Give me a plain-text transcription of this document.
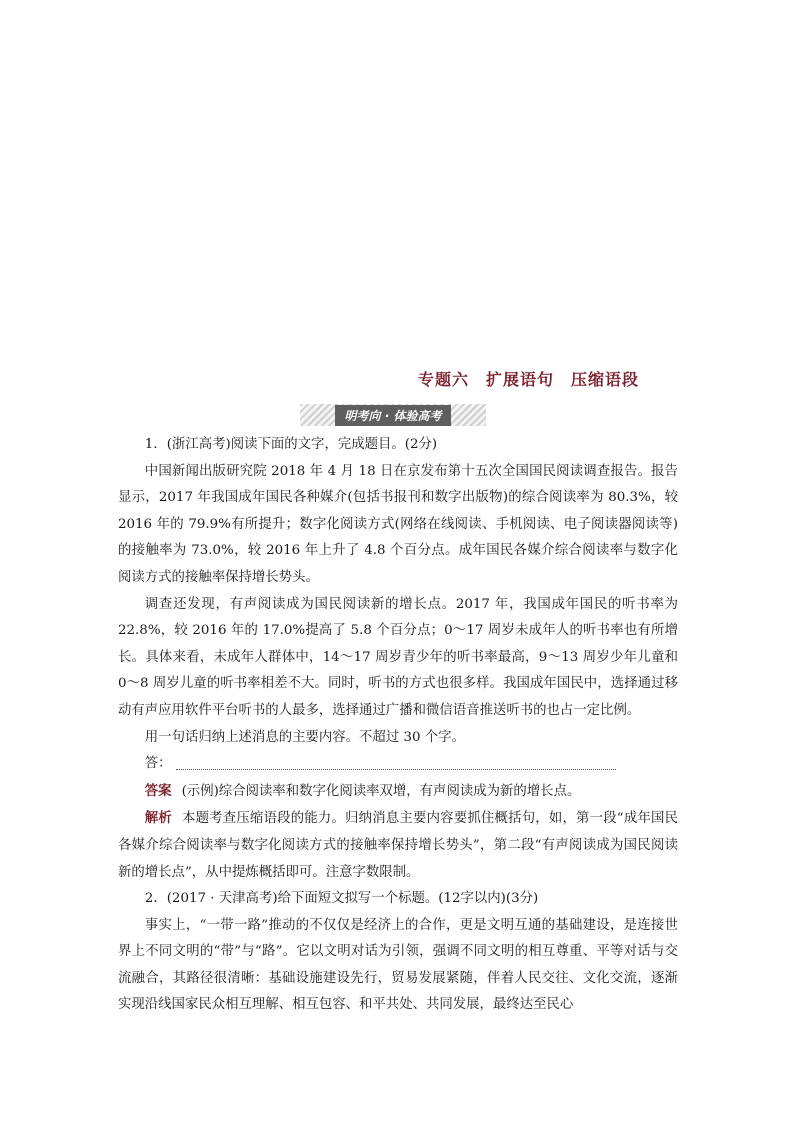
专题六　扩展语句　压缩语段
明考向 · 体验高考

1．(浙江高考)阅读下面的文字，完成题目。(2分)

中国新闻出版研究院 2018 年 4 月 18 日在京发布第十五次全国国民阅读调查报告。报告显示，2017 年我国成年国民各种媒介(包括书报刊和数字出版物)的综合阅读率为 80.3%，较 2016 年的 79.9%有所提升；数字化阅读方式(网络在线阅读、手机阅读、电子阅读器阅读等)的接触率为 73.0%，较 2016 年上升了 4.8 个百分点。成年国民各媒介综合阅读率与数字化阅读方式的接触率保持增长势头。

调查还发现，有声阅读成为国民阅读新的增长点。2017 年，我国成年国民的听书率为 22.8%，较 2016 年的 17.0%提高了 5.8 个百分点；0～17 周岁未成年人的听书率也有所增长。具体来看，未成年人群体中，14～17 周岁青少年的听书率最高，9～13 周岁少年儿童和 0～8 周岁儿童的听书率相差不大。同时，听书的方式也很多样。我国成年国民中，选择通过移动有声应用软件平台听书的人最多，选择通过广播和微信语音推送听书的也占一定比例。

用一句话归纳上述消息的主要内容。不超过 30 个字。

答：

答案 (示例)综合阅读率和数字化阅读率双增，有声阅读成为新的增长点。

解析 本题考查压缩语段的能力。归纳消息主要内容要抓住概括句，如，第一段“成年国民各媒介综合阅读率与数字化阅读方式的接触率保持增长势头”，第二段“有声阅读成为国民阅读新的增长点”，从中提炼概括即可。注意字数限制。

2．(2017 · 天津高考)给下面短文拟写一个标题。(12字以内)(3分)

事实上，“一带一路”推动的不仅仅是经济上的合作，更是文明互通的基础建设，是连接世界上不同文明的“带”与“路”。它以文明对话为引领，强调不同文明的相互尊重、平等对话与交流融合，其路径很清晰：基础设施建设先行，贸易发展紧随，伴着人民交往、文化交流，逐渐实现沿线国家民众相互理解、相互包容、和平共处、共同发展，最终达至民心
